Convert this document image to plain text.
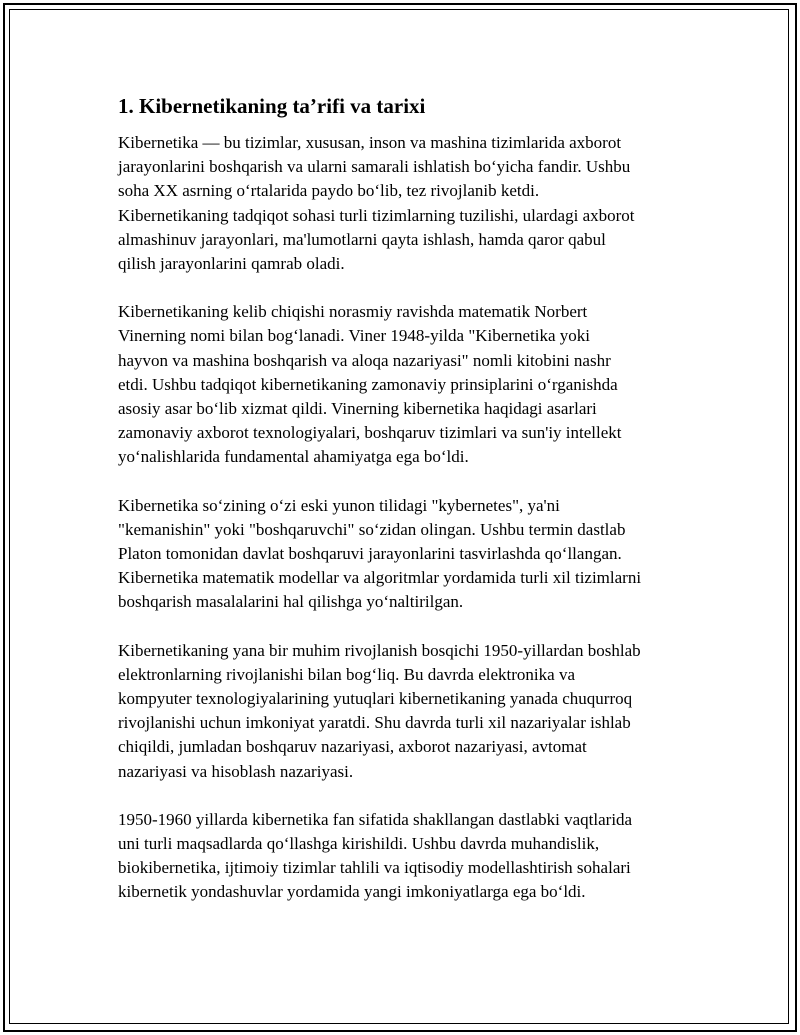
1. Kibernetikaning ta’rifi va tarixi
Kibernetika — bu tizimlar, xususan, inson va mashina tizimlarida axborot
jarayonlarini boshqarish va ularni samarali ishlatish boʻyicha fandir. Ushbu
soha XX asrning oʻrtalarida paydo boʻlib, tez rivojlanib ketdi.
Kibernetikaning tadqiqot sohasi turli tizimlarning tuzilishi, ulardagi axborot
almashinuv jarayonlari, ma'lumotlarni qayta ishlash, hamda qaror qabul
qilish jarayonlarini qamrab oladi.
Kibernetikaning kelib chiqishi norasmiy ravishda matematik Norbert
Vinerning nomi bilan bogʻlanadi. Viner 1948-yilda "Kibernetika yoki
hayvon va mashina boshqarish va aloqa nazariyasi" nomli kitobini nashr
etdi. Ushbu tadqiqot kibernetikaning zamonaviy prinsiplarini oʻrganishda
asosiy asar boʻlib xizmat qildi. Vinerning kibernetika haqidagi asarlari
zamonaviy axborot texnologiyalari, boshqaruv tizimlari va sun'iy intellekt
yoʻnalishlarida fundamental ahamiyatga ega boʻldi.
Kibernetika soʻzining oʻzi eski yunon tilidagi "kybernetes", ya'ni
"kemanishin" yoki "boshqaruvchi" soʻzidan olingan. Ushbu termin dastlab
Platon tomonidan davlat boshqaruvi jarayonlarini tasvirlashda qoʻllangan.
Kibernetika matematik modellar va algoritmlar yordamida turli xil tizimlarni
boshqarish masalalarini hal qilishga yoʻnaltirilgan.
Kibernetikaning yana bir muhim rivojlanish bosqichi 1950-yillardan boshlab
elektronlarning rivojlanishi bilan bogʻliq. Bu davrda elektronika va
kompyuter texnologiyalarining yutuqlari kibernetikaning yanada chuqurroq
rivojlanishi uchun imkoniyat yaratdi. Shu davrda turli xil nazariyalar ishlab
chiqildi, jumladan boshqaruv nazariyasi, axborot nazariyasi, avtomat
nazariyasi va hisoblash nazariyasi.
1950-1960 yillarda kibernetika fan sifatida shakllangan dastlabki vaqtlarida
uni turli maqsadlarda qoʻllashga kirishildi. Ushbu davrda muhandislik,
biokibernetika, ijtimoiy tizimlar tahlili va iqtisodiy modellashtirish sohalari
kibernetik yondashuvlar yordamida yangi imkoniyatlarga ega boʻldi.
